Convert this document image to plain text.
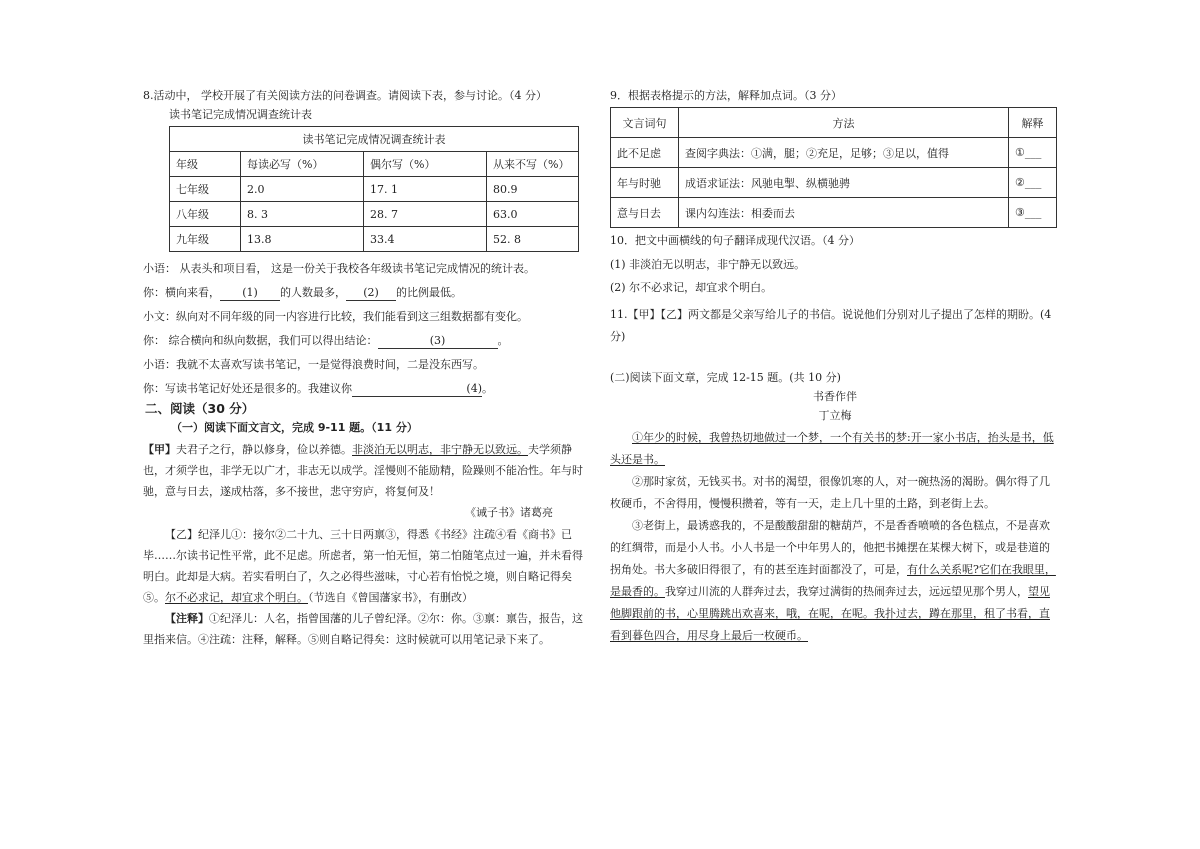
8.活动中， 学校开展了有关阅读方法的问卷调查。请阅读下表，参与讨论。（4 分）

读书笔记完成情况调查统计表

读书笔记完成情况调查统计表			
年级	每读必写（%）	偶尔写（%）	从来不写（%）
七年级	2.0	17. 1	80.9
八年级	8. 3	28. 7	63.0
九年级	13.8	33.4	52. 8

小语： 从表头和项目看， 这是一份关于我校各年级读书笔记完成情况的统计表。

你：横向来看， (1) 的人数最多， (2) 的比例最低。

小文：纵向对不同年级的同一内容进行比较，我们能看到这三组数据都有变化。

你： 综合横向和纵向数据，我们可以得出结论：	(3)	。

小语：我就不太喜欢写读书笔记，一是觉得浪费时间，二是没东西写。

你：写读书笔记好处还是很多的。我建议你	(4)。

二、阅读（30 分）

（一）阅读下面文言文，完成 9-11 题。（11 分）

【甲】夫君子之行，静以修身，俭以养德。非淡泊无以明志，非宁静无以致远。夫学须静也，才须学也，非学无以广才，非志无以成学。淫慢则不能励精，险躁则不能冶性。年与时驰，意与日去，遂成枯落，多不接世，悲守穷庐，将复何及！

《诫子书》诸葛亮

【乙】纪泽儿①：接尔②二十九、三十日两禀③，得悉《书经》注疏④看《商书》已毕……尔读书记性平常，此不足虑。所虑者，第一怕无恒，第二怕随笔点过一遍，并未看得明白。此却是大病。若实看明白了，久之必得些滋味，寸心若有怡悦之境，则自略记得矣⑤。尔不必求记，却宜求个明白。（节选自《曾国藩家书》，有删改）

【注释】①纪泽儿：人名，指曾国藩的儿子曾纪泽。②尔：你。③禀：禀告，报告，这里指来信。④注疏：注释，解释。⑤则自略记得矣：这时候就可以用笔记录下来了。

9．根据表格提示的方法，解释加点词。（3 分）

文言词句	方法	解释
此不足虑	查阅字典法：①满，腿；②充足，足够；③足以，值得	①___
年与时驰	成语求证法：风驰电掣、纵横驰骋	②___
意与日去	课内勾连法：相委而去	③___

10．把文中画横线的句子翻译成现代汉语。（4 分）

(1) 非淡泊无以明志，非宁静无以致远。

(2) 尔不必求记，却宜求个明白。

11.【甲】【乙】两文都是父亲写给儿子的书信。说说他们分别对儿子提出了怎样的期盼。(4 分)

(二)阅读下面文章，完成 12-15 题。(共 10 分)

书香作伴

丁立梅

①年少的时候，我曾热切地做过一个梦，一个有关书的梦:开一家小书店，抬头是书，低头还是书。

②那时家贫，无钱买书。对书的渴望，很像饥寒的人，对一碗热汤的渴盼。偶尔得了几枚硬币，不舍得用，慢慢积攒着，等有一天，走上几十里的土路，到老街上去。

③老街上，最诱惑我的，不是酸酸甜甜的糖葫芦，不是香香喷喷的各色糕点，不是喜欢的红绸带，而是小人书。小人书是一个中年男人的，他把书摊摆在某棵大树下，或是巷道的拐角处。书大多破旧得很了，有的甚至连封面都没了，可是，有什么关系呢?它们在我眼里，是最香的。我穿过川流的人群奔过去，我穿过满街的热闹奔过去，远远望见那个男人，望见他脚跟前的书，心里腾跳出欢喜来，哦，在呢，在呢。我扑过去，蹲在那里，租了书看，直看到暮色四合，用尽身上最后一枚硬币。
